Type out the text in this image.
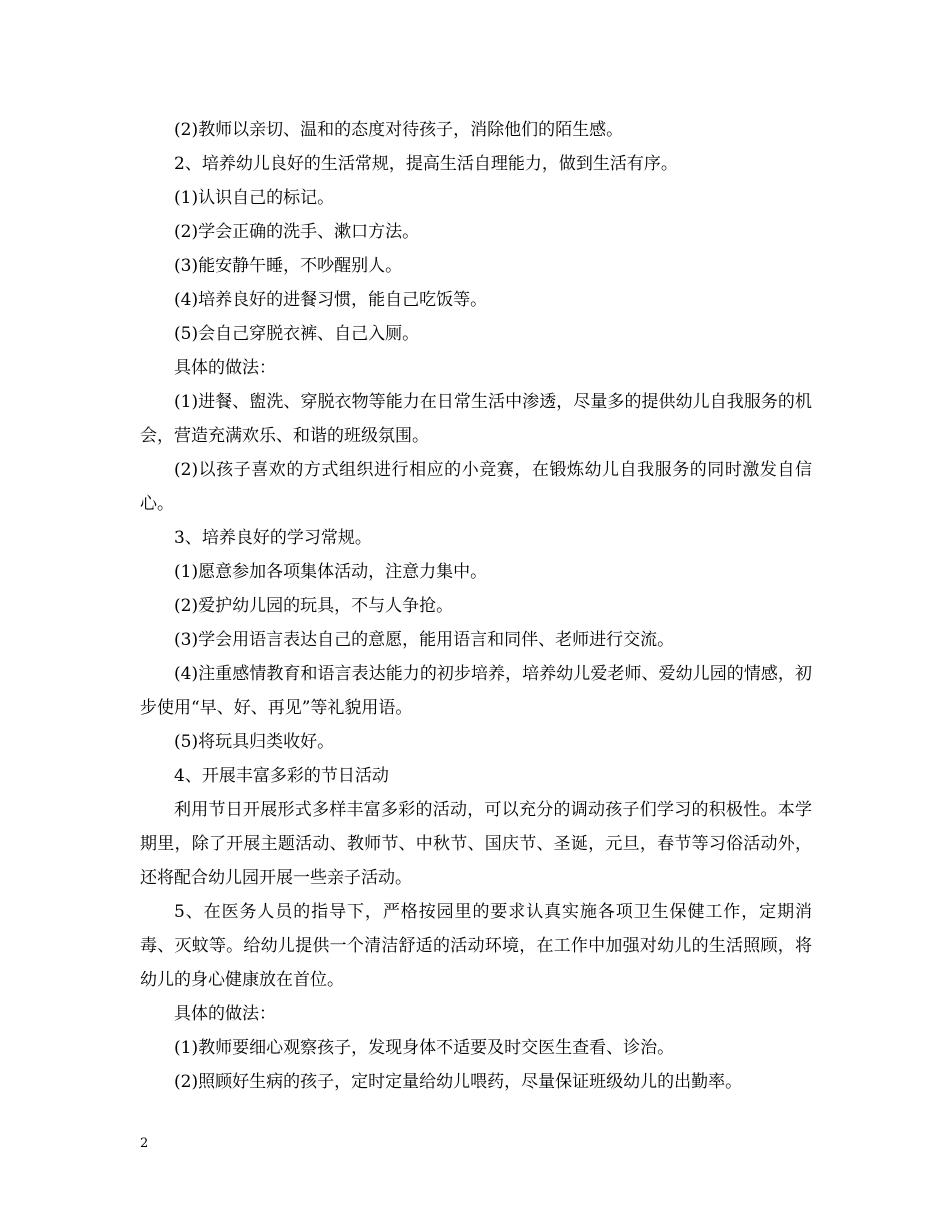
(2)教师以亲切、温和的态度对待孩子，消除他们的陌生感。

2、培养幼儿良好的生活常规，提高生活自理能力，做到生活有序。

(1)认识自己的标记。

(2)学会正确的洗手、漱口方法。

(3)能安静午睡，不吵醒别人。

(4)培养良好的进餐习惯，能自己吃饭等。

(5)会自己穿脱衣裤、自己入厕。

具体的做法：

(1)进餐、盥洗、穿脱衣物等能力在日常生活中渗透，尽量多的提供幼儿自我服务的机会，营造充满欢乐、和谐的班级氛围。

(2)以孩子喜欢的方式组织进行相应的小竞赛，在锻炼幼儿自我服务的同时激发自信心。

3、培养良好的学习常规。

(1)愿意参加各项集体活动，注意力集中。

(2)爱护幼儿园的玩具，不与人争抢。

(3)学会用语言表达自己的意愿，能用语言和同伴、老师进行交流。

(4)注重感情教育和语言表达能力的初步培养，培养幼儿爱老师、爱幼儿园的情感，初步使用“早、好、再见”等礼貌用语。

(5)将玩具归类收好。

4、开展丰富多彩的节日活动

利用节日开展形式多样丰富多彩的活动，可以充分的调动孩子们学习的积极性。本学期里，除了开展主题活动、教师节、中秋节、国庆节、圣诞，元旦，春节等习俗活动外，还将配合幼儿园开展一些亲子活动。

5、在医务人员的指导下，严格按园里的要求认真实施各项卫生保健工作，定期消毒、灭蚊等。给幼儿提供一个清洁舒适的活动环境，在工作中加强对幼儿的生活照顾，将幼儿的身心健康放在首位。

具体的做法：

(1)教师要细心观察孩子，发现身体不适要及时交医生查看、诊治。

(2)照顾好生病的孩子，定时定量给幼儿喂药，尽量保证班级幼儿的出勤率。

2
